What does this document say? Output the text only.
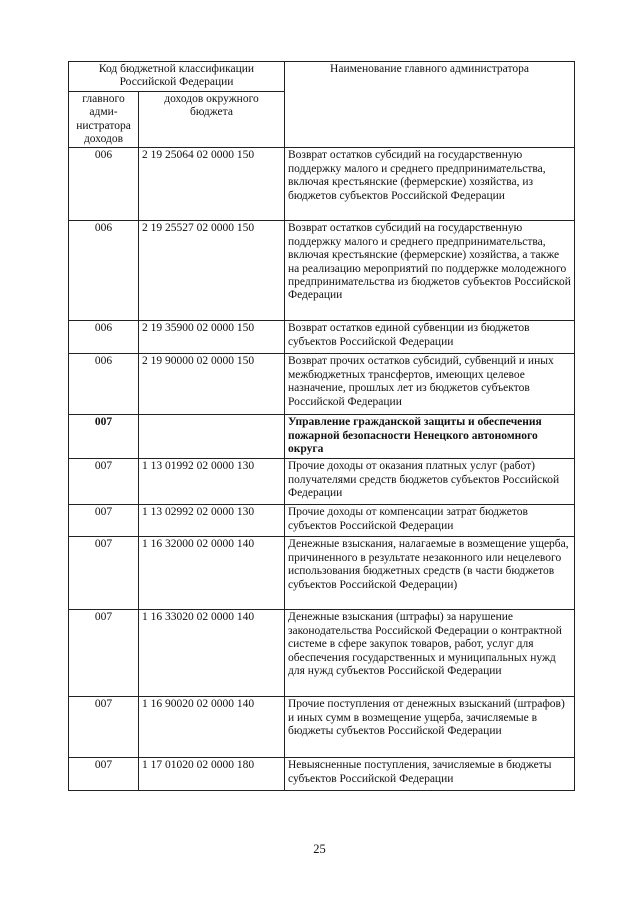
Код бюджетной классификации Российской Федерации		Наименование главного администратора
главного адми-нистратора доходов	доходов окружного бюджета	
006	2 19 25064 02 0000 150	Возврат остатков субсидий на государственную поддержку малого и среднего предпринимательства, включая крестьянские (фермерские) хозяйства, из бюджетов субъектов Российской Федерации
006	2 19 25527 02 0000 150	Возврат остатков субсидий на государственную поддержку малого и среднего предпринимательства, включая крестьянские (фермерские) хозяйства, а также на реализацию мероприятий по поддержке молодежного предпринимательства из бюджетов субъектов Российской Федерации
006	2 19 35900 02 0000 150	Возврат остатков единой субвенции из бюджетов субъектов Российской Федерации
006	2 19 90000 02 0000 150	Возврат прочих остатков субсидий, субвенций и иных межбюджетных трансфертов, имеющих целевое назначение, прошлых лет из бюджетов субъектов Российской Федерации
007		Управление гражданской защиты и обеспечения пожарной безопасности Ненецкого автономного округа
007	1 13 01992 02 0000 130	Прочие доходы от оказания платных услуг (работ) получателями средств бюджетов субъектов Российской Федерации
007	1 13 02992 02 0000 130	Прочие доходы от компенсации затрат бюджетов субъектов Российской Федерации
007	1 16 32000 02 0000 140	Денежные взыскания, налагаемые в возмещение ущерба, причиненного в результате незаконного или нецелевого использования бюджетных средств (в части бюджетов субъектов Российской Федерации)
007	1 16 33020 02 0000 140	Денежные взыскания (штрафы) за нарушение законодательства Российской Федерации о контрактной системе в сфере закупок товаров, работ, услуг для обеспечения государственных и муниципальных нужд для нужд субъектов Российской Федерации
007	1 16 90020 02 0000 140	Прочие поступления от денежных взысканий (штрафов) и иных сумм в возмещение ущерба, зачисляемые в бюджеты субъектов Российской Федерации
007	1 17 01020 02 0000 180	Невыясненные поступления, зачисляемые в бюджеты субъектов Российской Федерации
25
